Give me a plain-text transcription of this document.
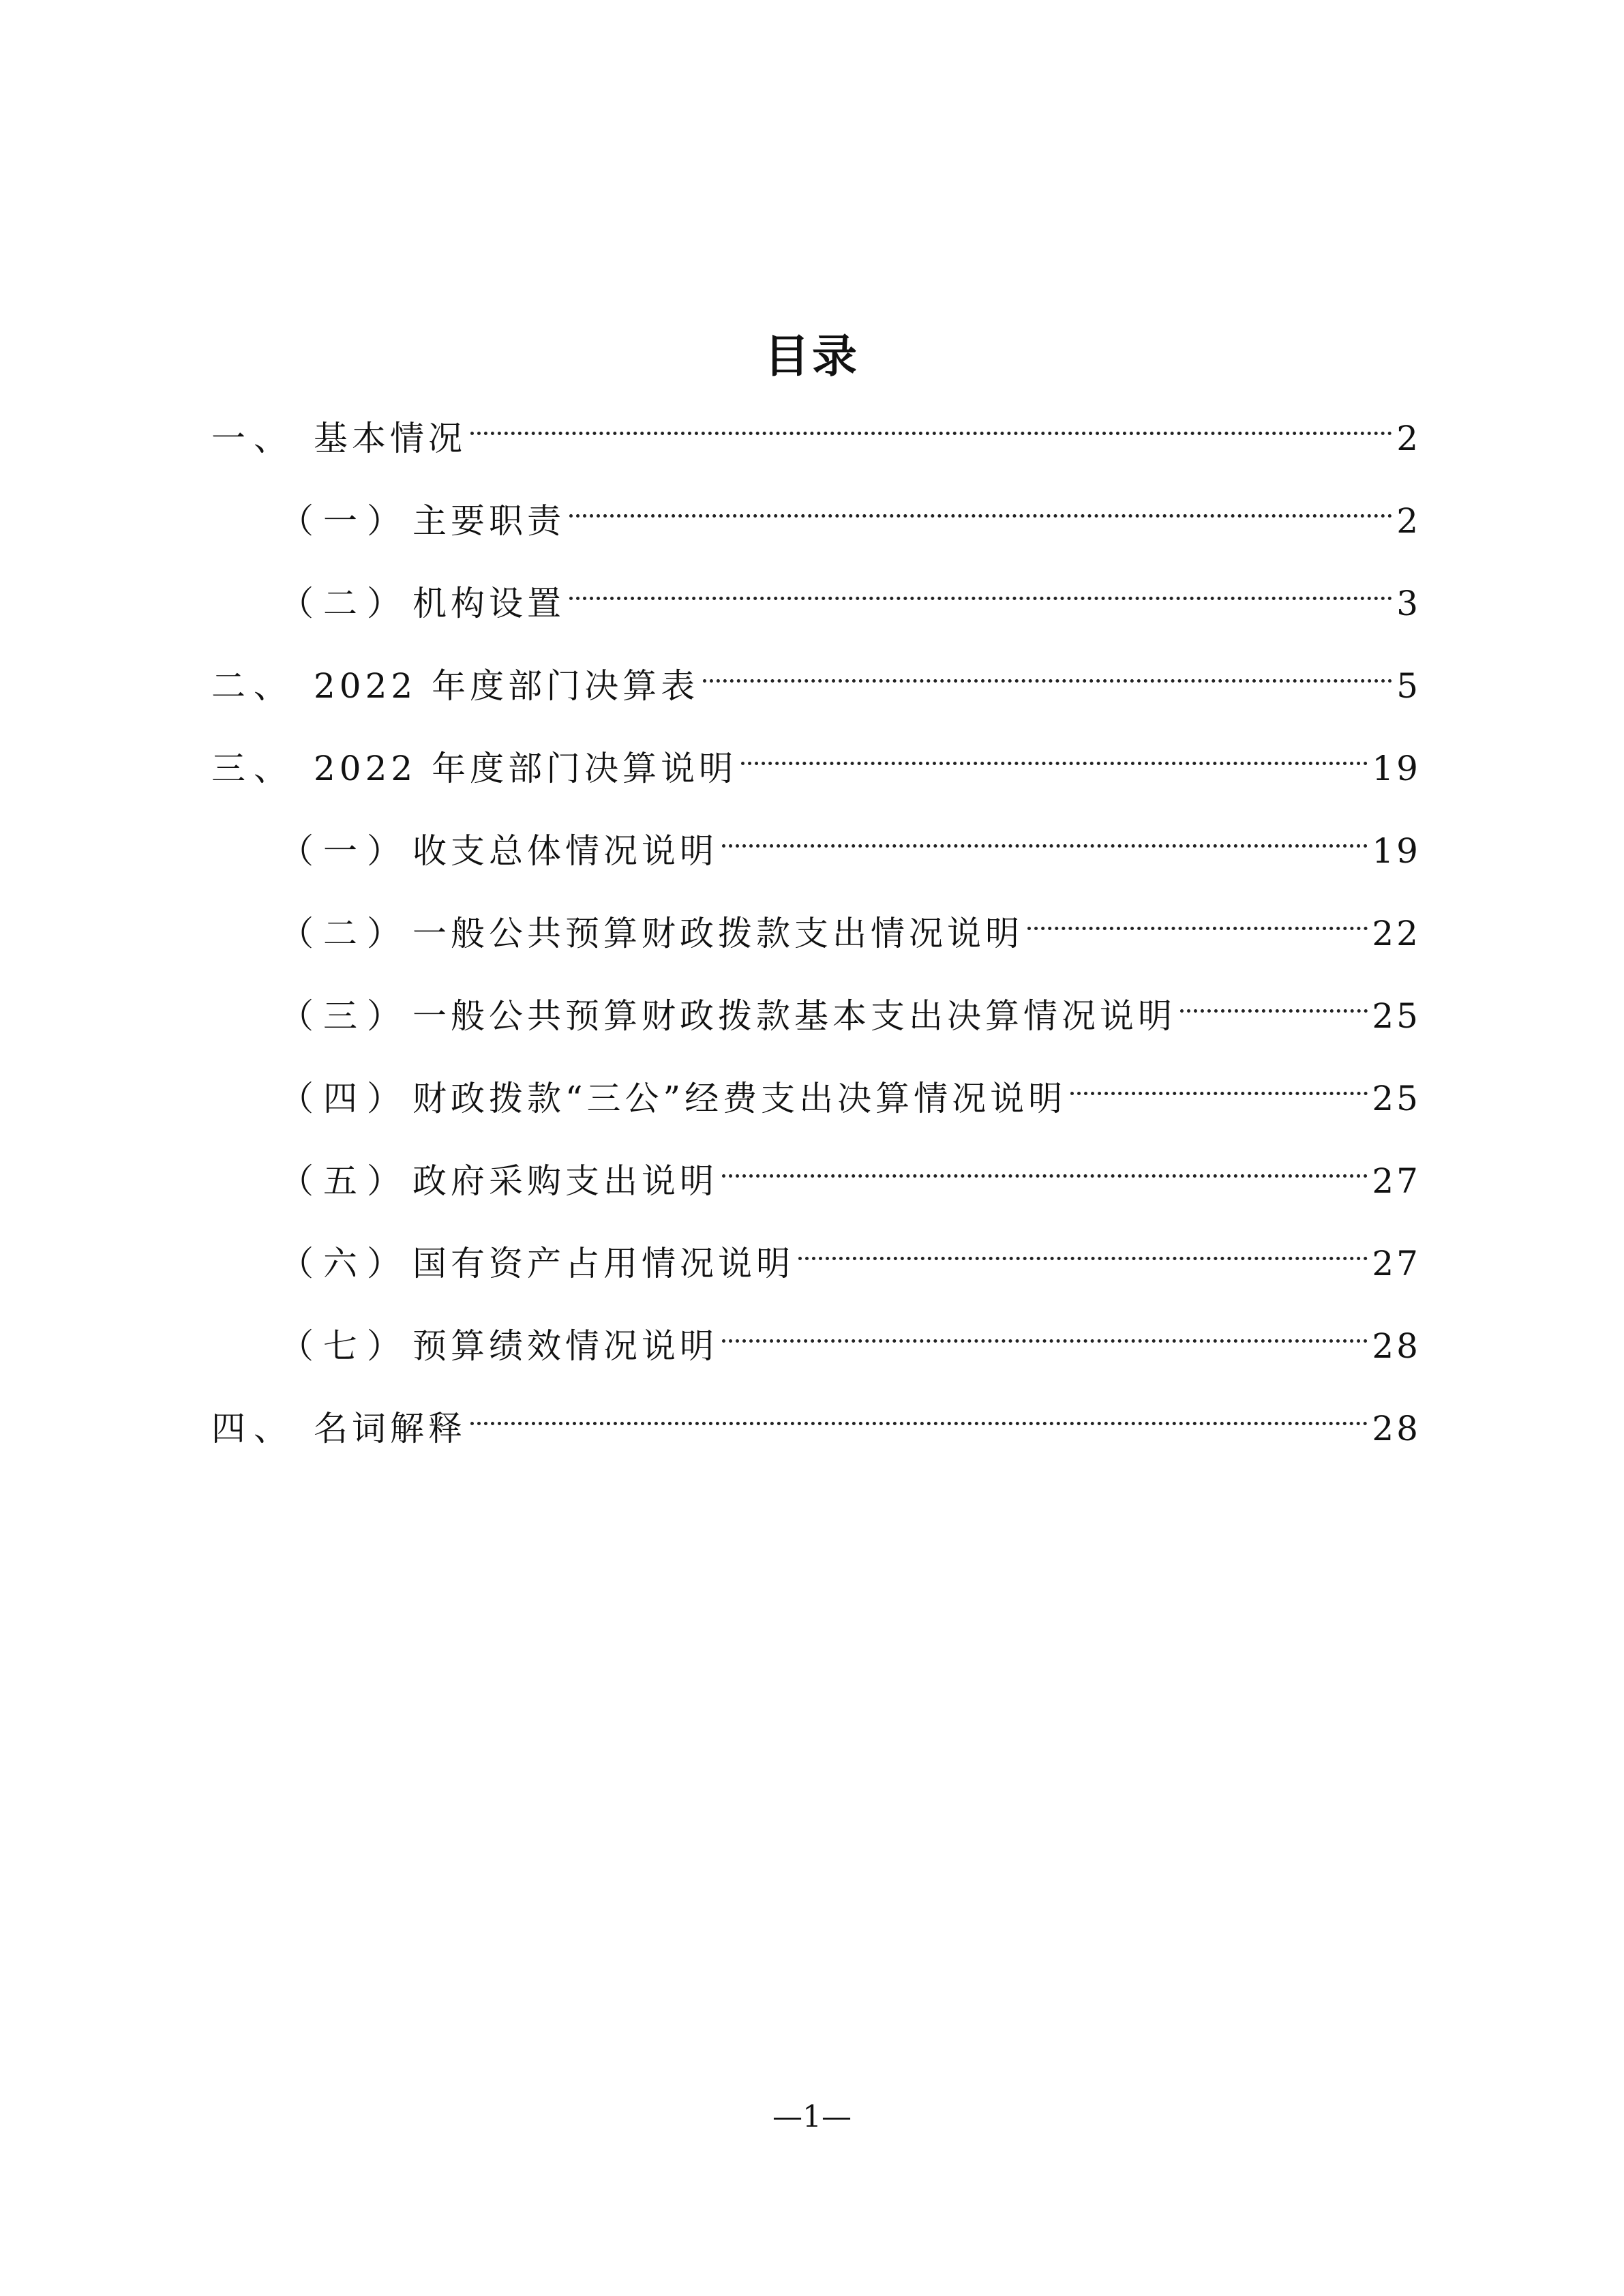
目录
一、 基本情况	2
（一） 主要职责	2
（二） 机构设置	3
二、 2022 年度部门决算表	5
三、 2022 年度部门决算说明	19
（一） 收支总体情况说明	19
（二） 一般公共预算财政拨款支出情况说明	22
（三） 一般公共预算财政拨款基本支出决算情况说明	25
（四） 财政拨款“三公”经费支出决算情况说明	25
（五） 政府采购支出说明	27
（六） 国有资产占用情况说明	27
（七） 预算绩效情况说明	28
四、 名词解释	28
—1—
